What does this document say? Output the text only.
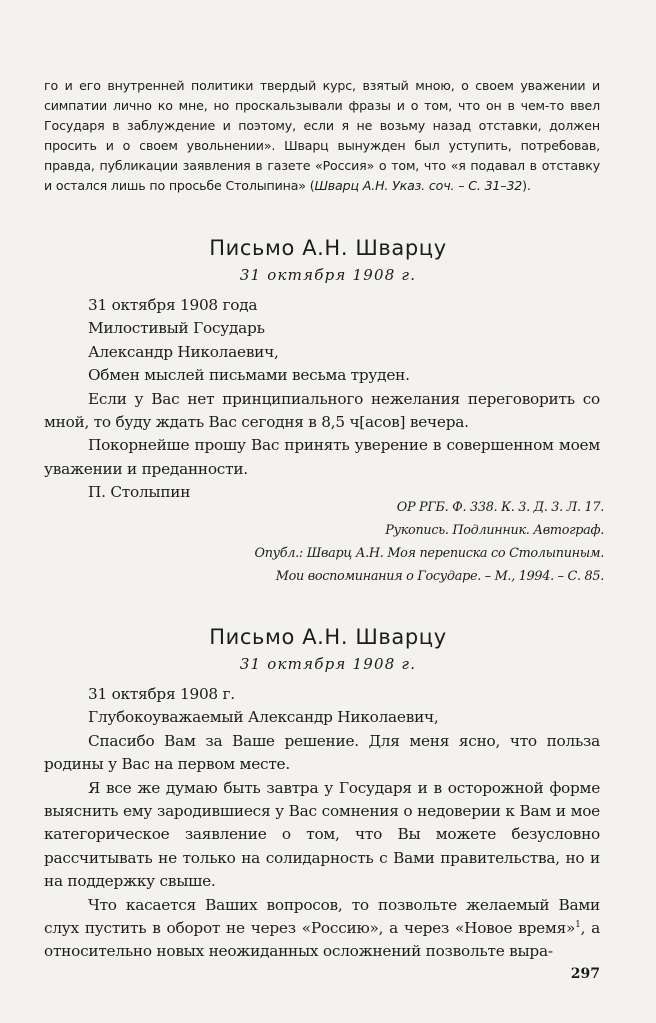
го и его внутренней политики твердый курс, взятый мною, о своем уважении и симпатии лично ко мне, но проскальзывали фразы и о том, что он в чем-то ввел Государя в заблуждение и поэтому, если я не возьму назад отставки, должен просить и о своем увольнении». Шварц вынужден был уступить, потребовав, правда, публикации заявления в газете «Россия» о том, что «я подавал в отставку и остался лишь по просьбе Столыпина» (Шварц А.Н. Указ. соч. – С. 31–32).
Письмо А.Н. Шварцу
31 октября 1908 г.

31 октября 1908 года

Милостивый Государь

Александр Николаевич,

Обмен мыслей письмами весьма труден.

Если у Вас нет принципиального нежелания переговорить со мной, то буду ждать Вас сегодня в 8,5 ч[асов] вечера.

Покорнейше прошу Вас принять уверение в совершенном моем уважении и преданности.

П. Столыпин

ОР РГБ. Ф. 338. К. 3. Д. 3. Л. 17.

Рукопись. Подлинник. Автограф.

Опубл.: Шварц А.Н. Моя переписка со Столыпиным.

Мои воспоминания о Государе. – М., 1994. – С. 85.

Письмо А.Н. Шварцу
31 октября 1908 г.

31 октября 1908 г.

Глубокоуважаемый Александр Николаевич,

Спасибо Вам за Ваше решение. Для меня ясно, что польза родины у Вас на первом месте.

Я все же думаю быть завтра у Государя и в осторожной форме выяснить ему зародившиеся у Вас сомнения о недоверии к Вам и мое категорическое заявление о том, что Вы можете безусловно рассчитывать не только на солидарность с Вами правительства, но и на поддержку свыше.

Что касается Ваших вопросов, то позвольте желаемый Вами слух пустить в оборот не через «Россию», а через «Новое время»$^1$, а относительно новых неожиданных осложнений позвольте выра-

297
